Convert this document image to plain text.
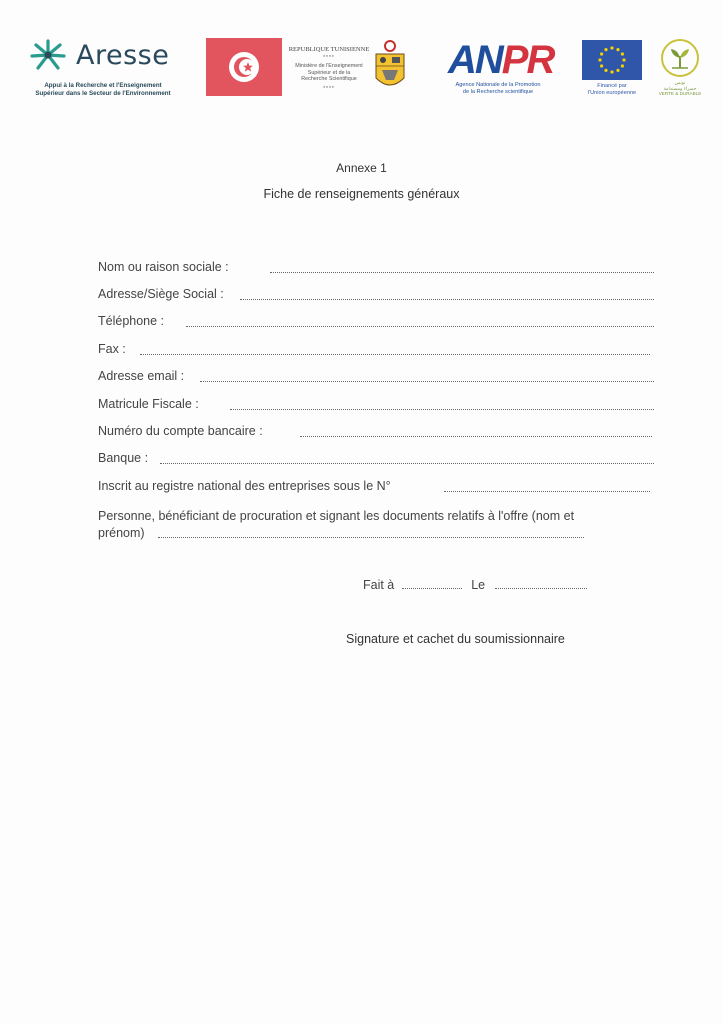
Aresse
Appui à la Recherche et l'Enseignement
Supérieur dans le Secteur de l'Environnement
REPUBLIQUE TUNISIENNE
****
Ministère de l'Enseignement
Supérieur et de la
Recherche Scientifique
****
ANPR
Agence Nationale de la Promotion
de la Recherche scientifique
Financé par
l'Union européenne
تونس
خضراء ومستدامة
VERTE & DURABLE
Annexe 1
Fiche de renseignements généraux
Nom ou raison sociale :
Adresse/Siège Social :
Téléphone :
Fax :
Adresse email :
Matricule Fiscale :
Numéro du compte bancaire :
Banque :
Inscrit au registre national des entreprises sous le N°
Personne, bénéficiant de procuration et signant les documents relatifs à l'offre (nom et
prénom)
Fait à	Le
Signature et cachet du soumissionnaire
